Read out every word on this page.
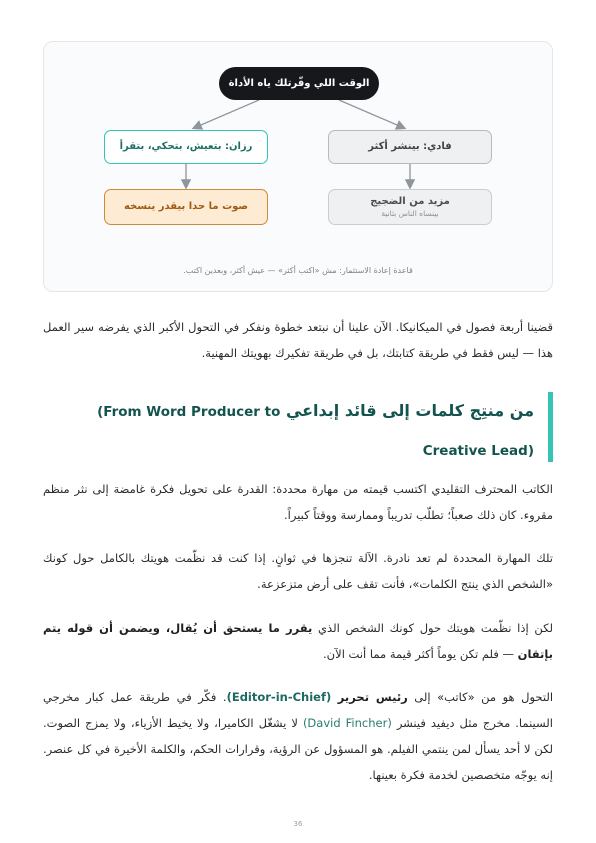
الوقت اللي وفّرتلك ياه الأداة
فادي: بينشر أكثر
رزان: بتعيش، بتحكي، بتقرأ
مزيد من الضجيج
بينساه الناس بثانية
صوت ما حدا بيقدر ينسخه
قاعدة إعادة الاستثمار: مش «اكتب أكثر» — عيش أكثر، وبعدين اكتب.

قضينا أربعة فصول في الميكانيكا. الآن علينا أن نبتعد خطوة ونفكر في التحول الأكبر الذي يفرضه سير العمل هذا — ليس فقط في طريقة كتابتك، بل في طريقة تفكيرك بهويتك المهنية.

من منتِج كلمات إلى قائد إبداعي (From Word Producer to Creative Lead)

الكاتب المحترف التقليدي اكتسب قيمته من مهارة محددة: القدرة على تحويل فكرة غامضة إلى نثر منظم مقروء. كان ذلك صعباً؛ تطلّب تدريباً وممارسة ووقتاً كبيراً.

تلك المهارة المحددة لم تعد نادرة. الآلة تنجزها في ثوانٍ. إذا كنت قد نظّمت هويتك بالكامل حول كونك «الشخص الذي ينتج الكلمات»، فأنت تقف على أرض متزعزعة.

لكن إذا نظّمت هويتك حول كونك الشخص الذي يقرر ما يستحق أن يُقال، ويضمن أن قوله يتم بإتقان — فلم تكن يوماً أكثر قيمة مما أنت الآن.

التحول هو من «كاتب» إلى رئيس تحرير (Editor-in-Chief). فكّر في طريقة عمل كبار مخرجي السينما. مخرج مثل ديفيد فينشر (David Fincher) لا يشغّل الكاميرا، ولا يخيط الأزياء، ولا يمزج الصوت. لكن لا أحد يسأل لمن ينتمي الفيلم. هو المسؤول عن الرؤية، وقرارات الحكم، والكلمة الأخيرة في كل عنصر. إنه يوجّه متخصصين لخدمة فكرة بعينها.

36
